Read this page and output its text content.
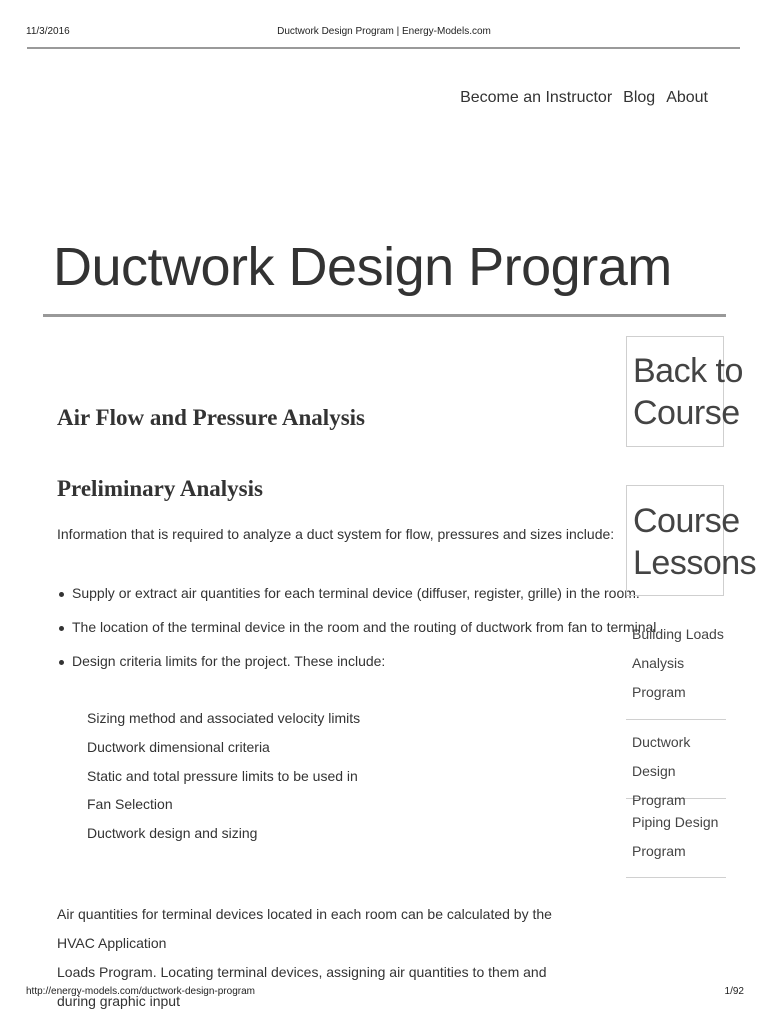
11/3/2016	Ductwork Design Program | Energy-Models.com
Become an Instructor Blog About
Ductwork Design Program
Air Flow and Pressure Analysis
Preliminary Analysis

Information that is required to analyze a duct system for flow, pressures and sizes include:

Supply or extract air quantities for each terminal device (diffuser, register, grille) in the room.
The location of the terminal device in the room and the routing of ductwork from fan to terminal
Design criteria limits for the project. These include:
Sizing method and associated velocity limits
Ductwork dimensional criteria
Static and total pressure limits to be used in
Fan Selection
Ductwork design and sizing
Air quantities for terminal devices located in each room can be calculated by the HVAC Application
Loads Program. Locating terminal devices, assigning air quantities to them and during graphic input
Back to
Course
Course
Lessons
Building Loads
Analysis
Program
Ductwork
Design Program
Piping Design
Program
http://energy-models.com/ductwork-design-program	1/92
